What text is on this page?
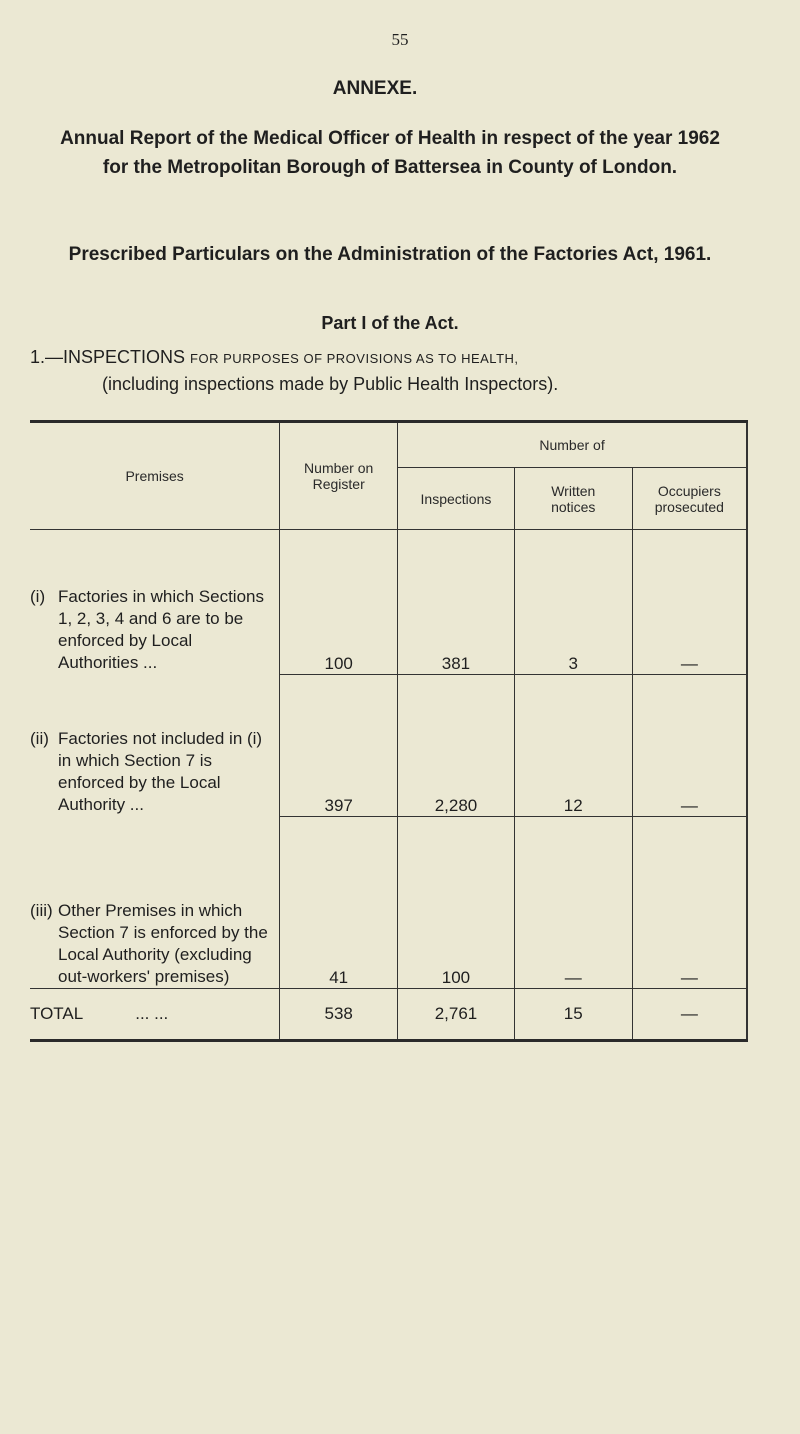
55
ANNEXE.
Annual Report of the Medical Officer of Health in respect of the year 1962 for the Metropolitan Borough of Battersea in County of London.
Prescribed Particulars on the Administration of the Factories Act, 1961.
Part I of the Act.
1.—INSPECTIONS FOR PURPOSES OF PROVISIONS AS TO HEALTH,
(including inspections made by Public Health Inspectors).
Premises	Number on Register	Number of		
		Inspections	Written notices	Occupiers prosecuted
(i) Factories in which Sections 1, 2, 3, 4 and 6 are to be enforced by Local Authorities ...	100	381	3	—
(ii) Factories not included in (i) in which Section 7 is enforced by the Local Authority ...	397	2,280	12	—
(iii) Other Premises in which Section 7 is enforced by the Local Authority (excluding out-workers' premises)	41	100	—	—
TOTAL ... ...	538	2,761	15	—
